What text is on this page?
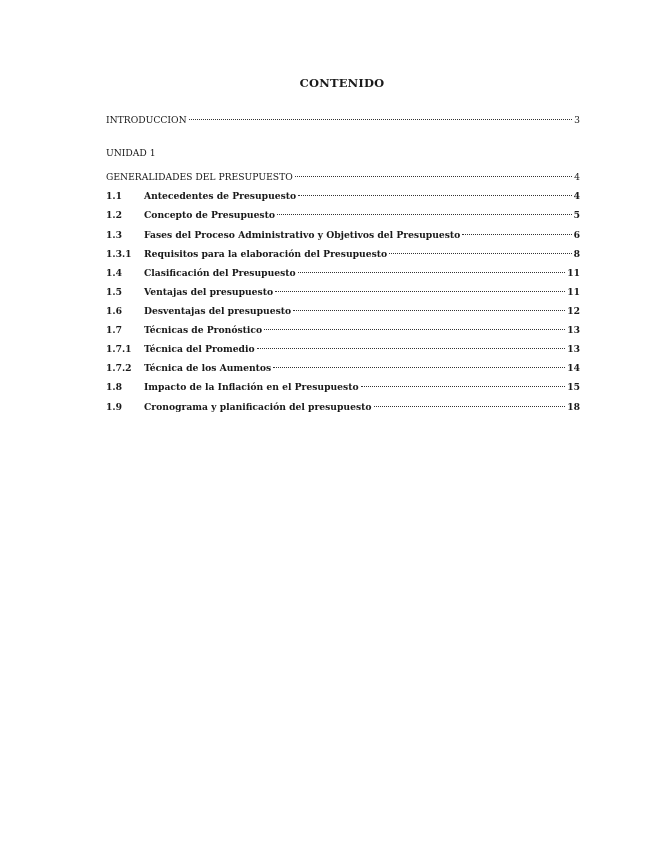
CONTENIDO
INTRODUCCION	3
UNIDAD 1
GENERALIDADES DEL PRESUPUESTO	4
1.1	Antecedentes de Presupuesto	4
1.2	Concepto de Presupuesto	5
1.3	Fases del Proceso Administrativo y Objetivos del Presupuesto	6
1.3.1	Requisitos para la elaboración del Presupuesto	8
1.4	Clasificación del Presupuesto	11
1.5	Ventajas del presupuesto	11
1.6	Desventajas del presupuesto	12
1.7	Técnicas de Pronóstico	13
1.7.1	Técnica del Promedio	13
1.7.2	Técnica de los Aumentos	14
1.8	Impacto de la Inflación en el Presupuesto	15
1.9	Cronograma y planificación del presupuesto	18
